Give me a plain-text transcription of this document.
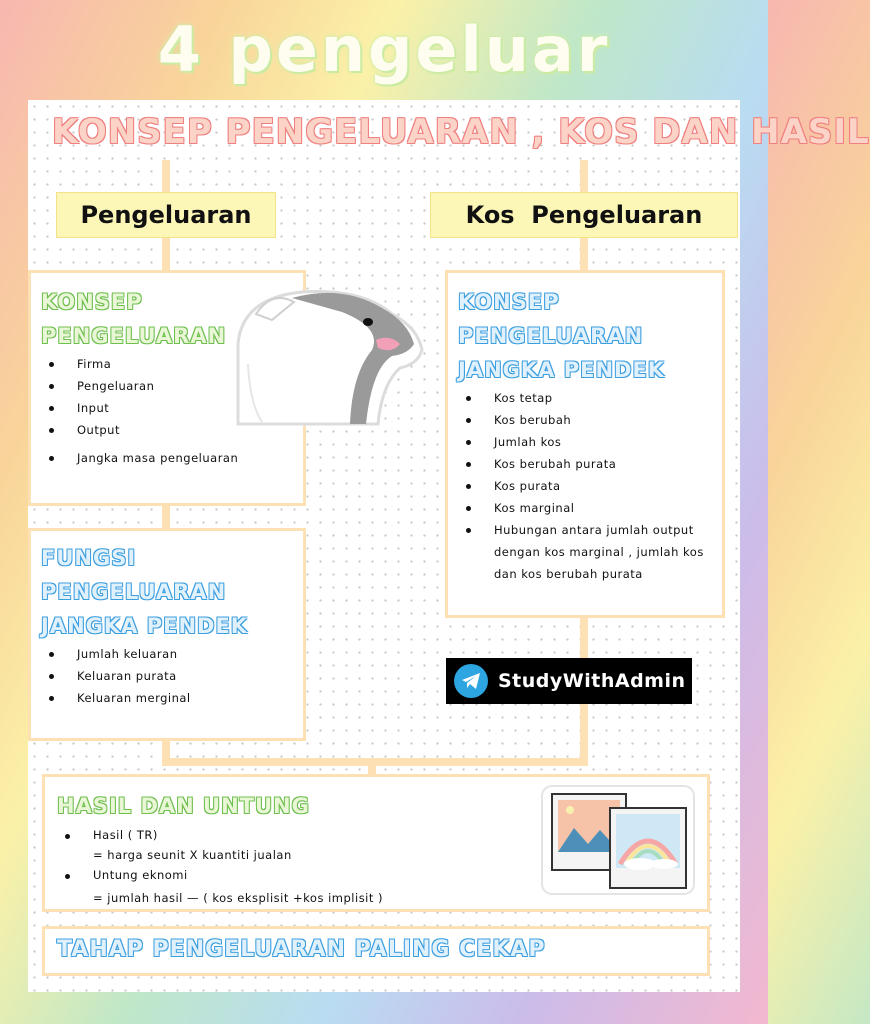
4 pengeluar
KONSEP PENGELUARAN , KOS DAN HASIL
Pengeluaran	Kos  Pengeluaran
KONSEP
PENGELUARAN
Firma
Pengeluaran
Input
Output
Jangka masa pengeluaran
FUNGSI
PENGELUARAN
JANGKA PENDEK
Jumlah keluaran
Keluaran purata
Keluaran merginal
KONSEP
PENGELUARAN
JANGKA PENDEK
Kos tetap
Kos berubah
Jumlah kos
Kos berubah purata
Kos purata
Kos marginal
Hubungan antara jumlah output dengan kos marginal , jumlah kos dan kos berubah purata
StudyWithAdmin
HASIL DAN UNTUNG
Hasil ( TR)
= harga seunit X kuantiti jualan
Untung eknomi
= jumlah hasil — ( kos eksplisit +kos implisit )
TAHAP PENGELUARAN PALING CEKAP
